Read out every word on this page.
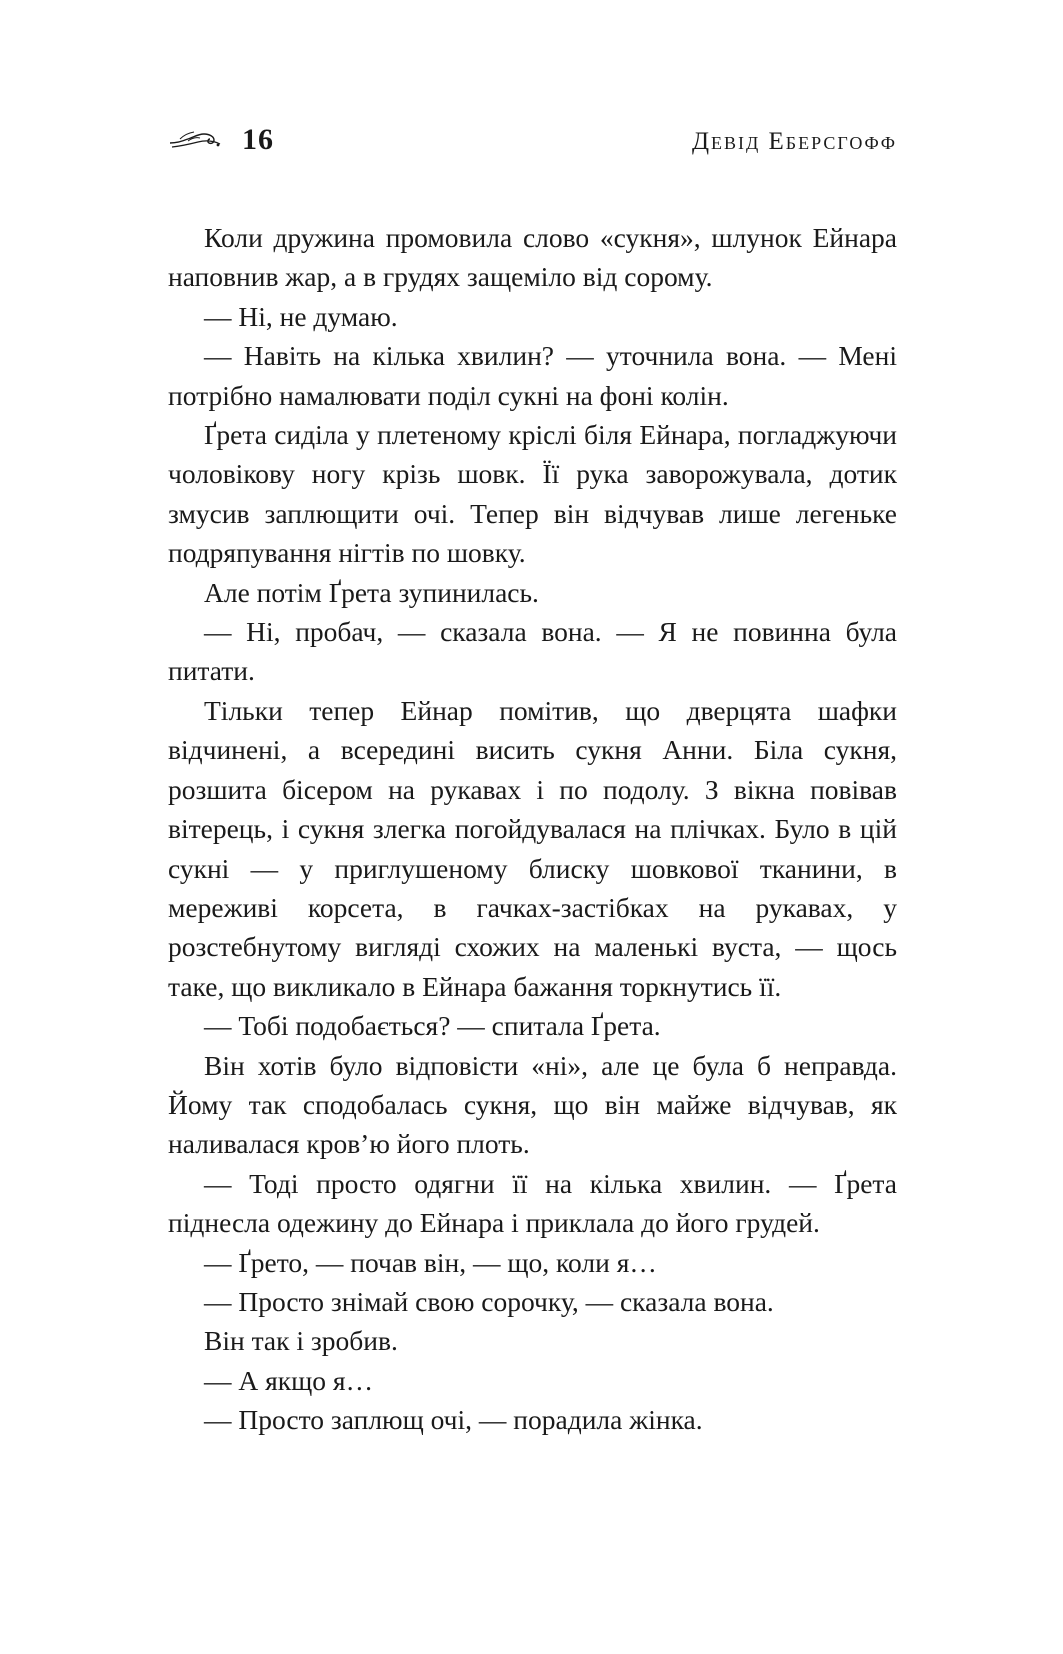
16	Девід Еберсгофф

Коли дружина промовила слово «сукня», шлунок Ейнара наповнив жар, а в грудях защеміло від сорому.

— Ні, не думаю.

— Навіть на кілька хвилин? — уточнила вона. — Мені потрібно намалювати поділ сукні на фоні колін.

Ґрета сиділа у плетеному кріслі біля Ейнара, погладжуючи чоловікову ногу крізь шовк. Її рука заворожувала, дотик змусив заплющити очі. Тепер він відчував лише легеньке подряпування нігтів по шовку.

Але потім Ґрета зупинилась.

— Ні, пробач, — сказала вона. — Я не повинна була питати.

Тільки тепер Ейнар помітив, що дверцята шафки відчинені, а всередині висить сукня Анни. Біла сукня, розшита бісером на рукавах і по подолу. З вікна повівав вітерець, і сукня злегка погойдувалася на плічках. Було в цій сукні — у приглушеному блиску шовкової тканини, в мереживі корсета, в гачках-застібках на рукавах, у розстебнутому вигляді схожих на маленькі вуста, — щось таке, що викликало в Ейнара бажання торкнутись її.

— Тобі подобається? — спитала Ґрета.

Він хотів було відповісти «ні», але це була б неправда. Йому так сподобалась сукня, що він майже відчував, як наливалася кров’ю його плоть.

— Тоді просто одягни її на кілька хвилин. — Ґрета піднесла одежину до Ейнара і приклала до його грудей.

— Ґрето, — почав він, — що, коли я…

— Просто знімай свою сорочку, — сказала вона.

Він так і зробив.

— А якщо я…

— Просто заплющ очі, — порадила жінка.
